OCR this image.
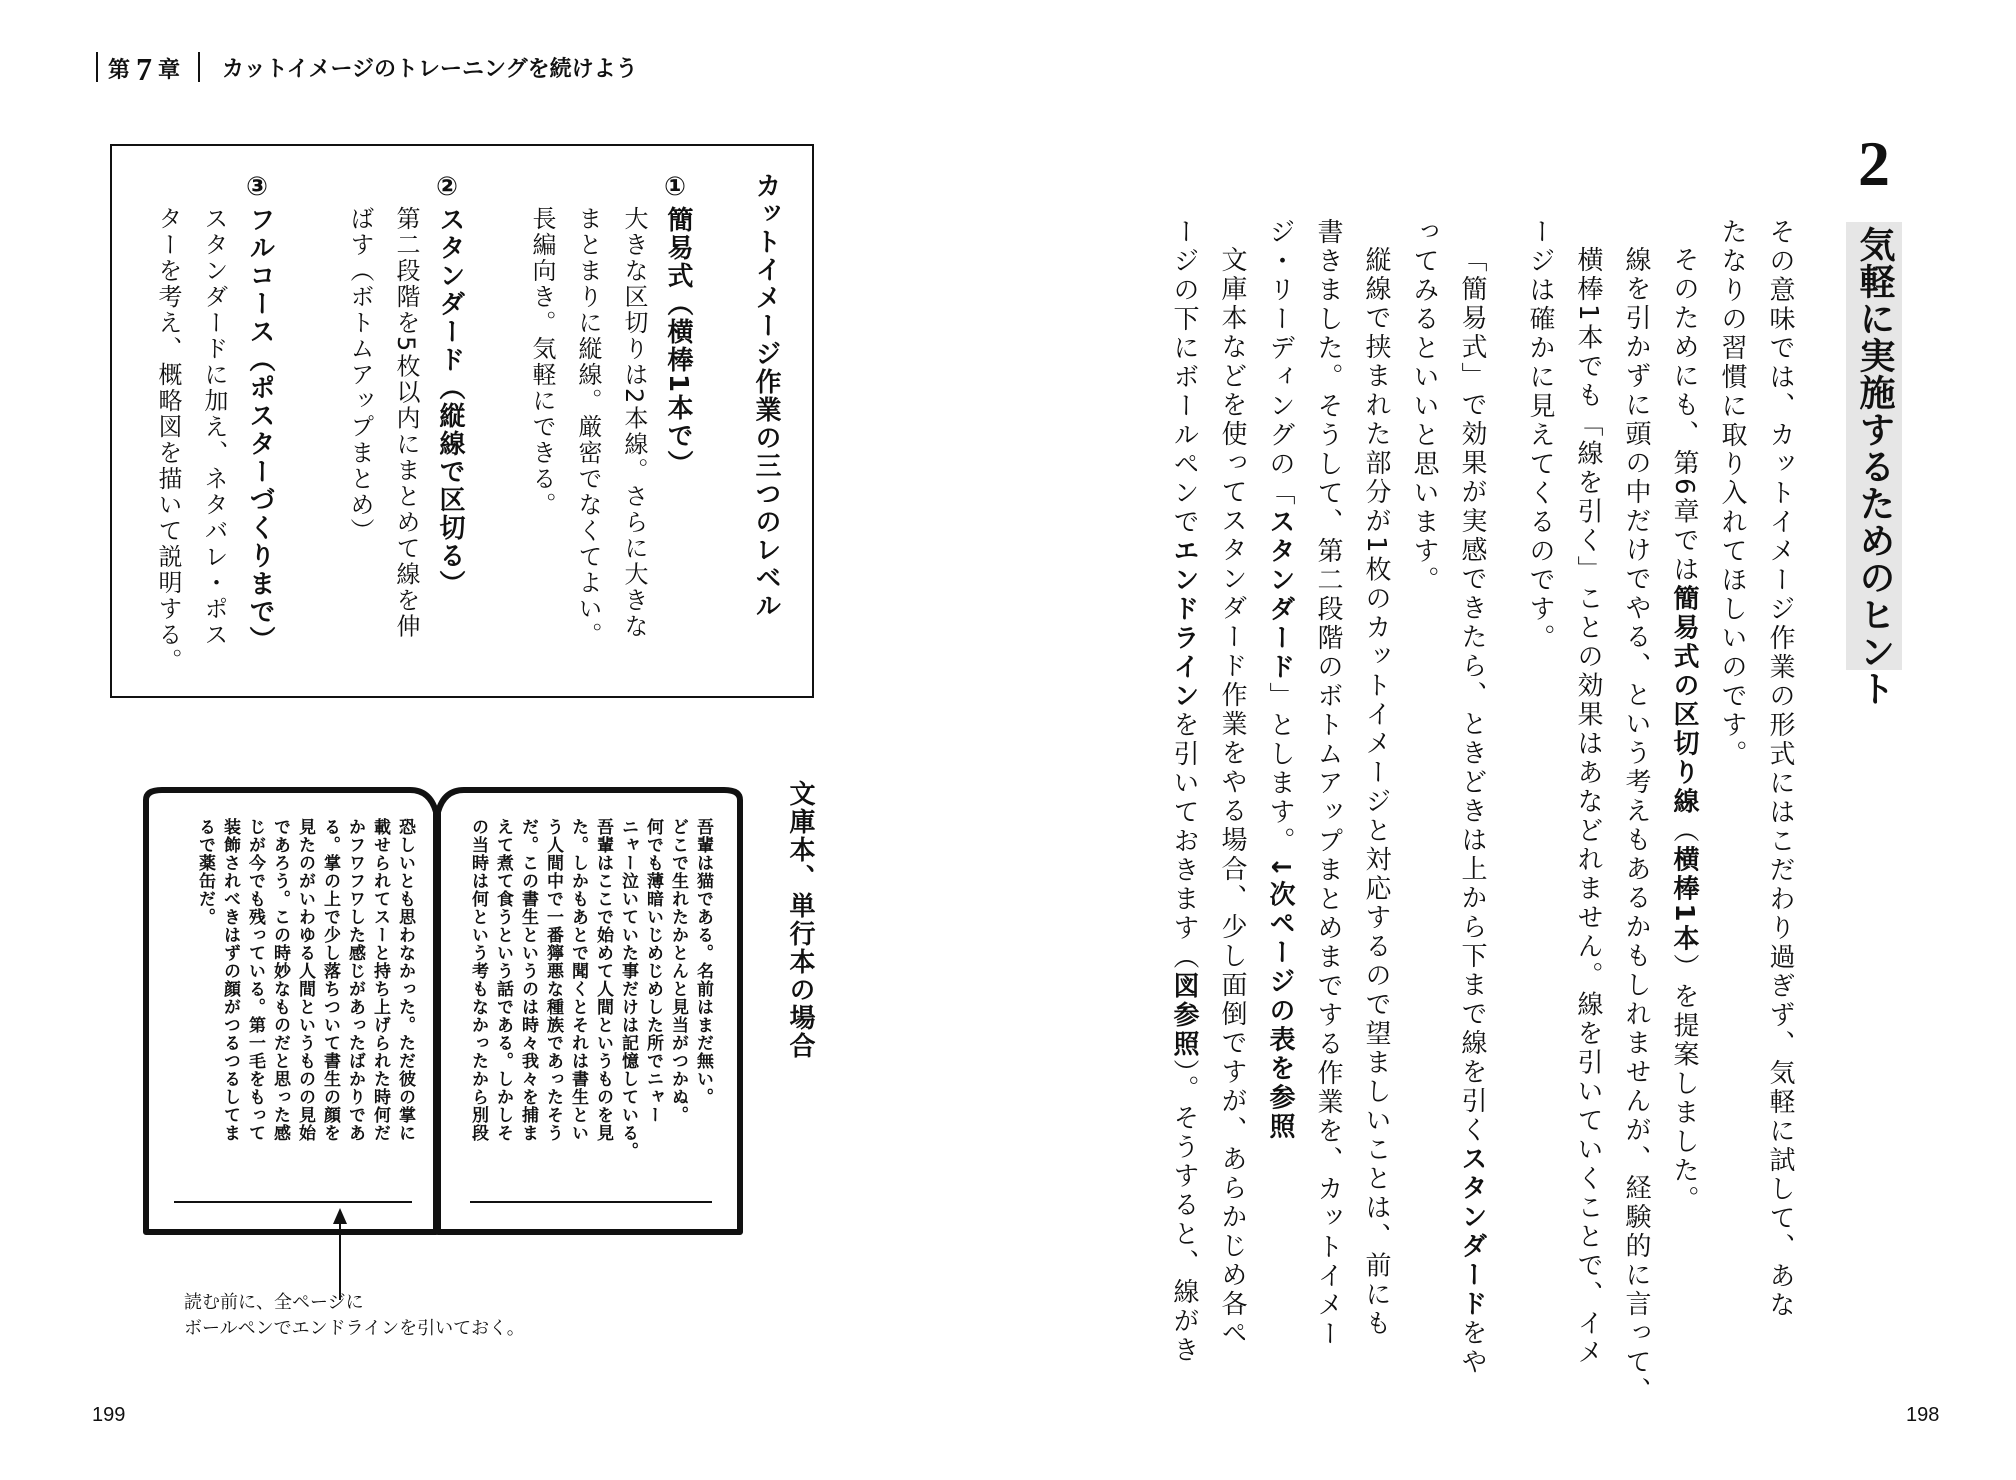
第 7 章 カットイメージのトレーニングを続けよう
2
気軽に実施するためのヒント
その意味では、カットイメージ作業の形式にはこだわり過ぎず、気軽に試して、あな
たなりの習慣に取り入れてほしいのです。
そのためにも、第6章では簡易式の区切り線（横棒1本）を提案しました。
線を引かずに頭の中だけでやる、という考えもあるかもしれませんが、経験的に言って、
横棒1本でも「線を引く」ことの効果はあなどれません。線を引いていくことで、イメ
ージは確かに見えてくるのです。
「簡易式」で効果が実感できたら、ときどきは上から下まで線を引くスタンダードをや
ってみるといいと思います。
縦線で挟まれた部分が1枚のカットイメージと対応するので望ましいことは、前にも
書きました。そうして、第二段階のボトムアップまとめまでする作業を、カットイメー
ジ・リーディングの「スタンダード」とします。↓次ページの表を参照
文庫本などを使ってスタンダード作業をやる場合、少し面倒ですが、あらかじめ各ペ
ージの下にボールペンでエンドラインを引いておきます（図参照）。そうすると、線がき
カットイメージ作業の三つのレベル
①
簡易式（横棒1本で）
大きな区切りは2本線。さらに大きな
まとまりに縦線。厳密でなくてよい。
長編向き。気軽にできる。
②
スタンダード（縦線で区切る）
第二段階を5枚以内にまとめて線を伸
ばす（ボトムアップまとめ）
③
フルコース（ポスターづくりまで）
スタンダードに加え、ネタバレ・ポス
ターを考え、概略図を描いて説明する。
文庫本、単行本の場合
吾輩は猫である。名前はまだ無い。
どこで生れたかとんと見当がつかぬ。
何でも薄暗いじめじめした所でニャー
ニャー泣いていた事だけは記憶している。
吾輩はここで始めて人間というものを見
た。しかもあとで聞くとそれは書生とい
う人間中で一番獰悪な種族であったそう
だ。この書生というのは時々我々を捕ま
えて煮て食うという話である。しかしそ
の当時は何という考もなかったから別段
恐しいとも思わなかった。ただ彼の掌に
載せられてスーと持ち上げられた時何だ
かフワフワした感じがあったばかりであ
る。掌の上で少し落ちついて書生の顔を
見たのがいわゆる人間というものの見始
であろう。この時妙なものだと思った感
じが今でも残っている。第一毛をもって
装飾されべきはずの顔がつるつるしてま
るで薬缶だ。
読む前に、全ページに
ボールペンでエンドラインを引いておく。
199	198
